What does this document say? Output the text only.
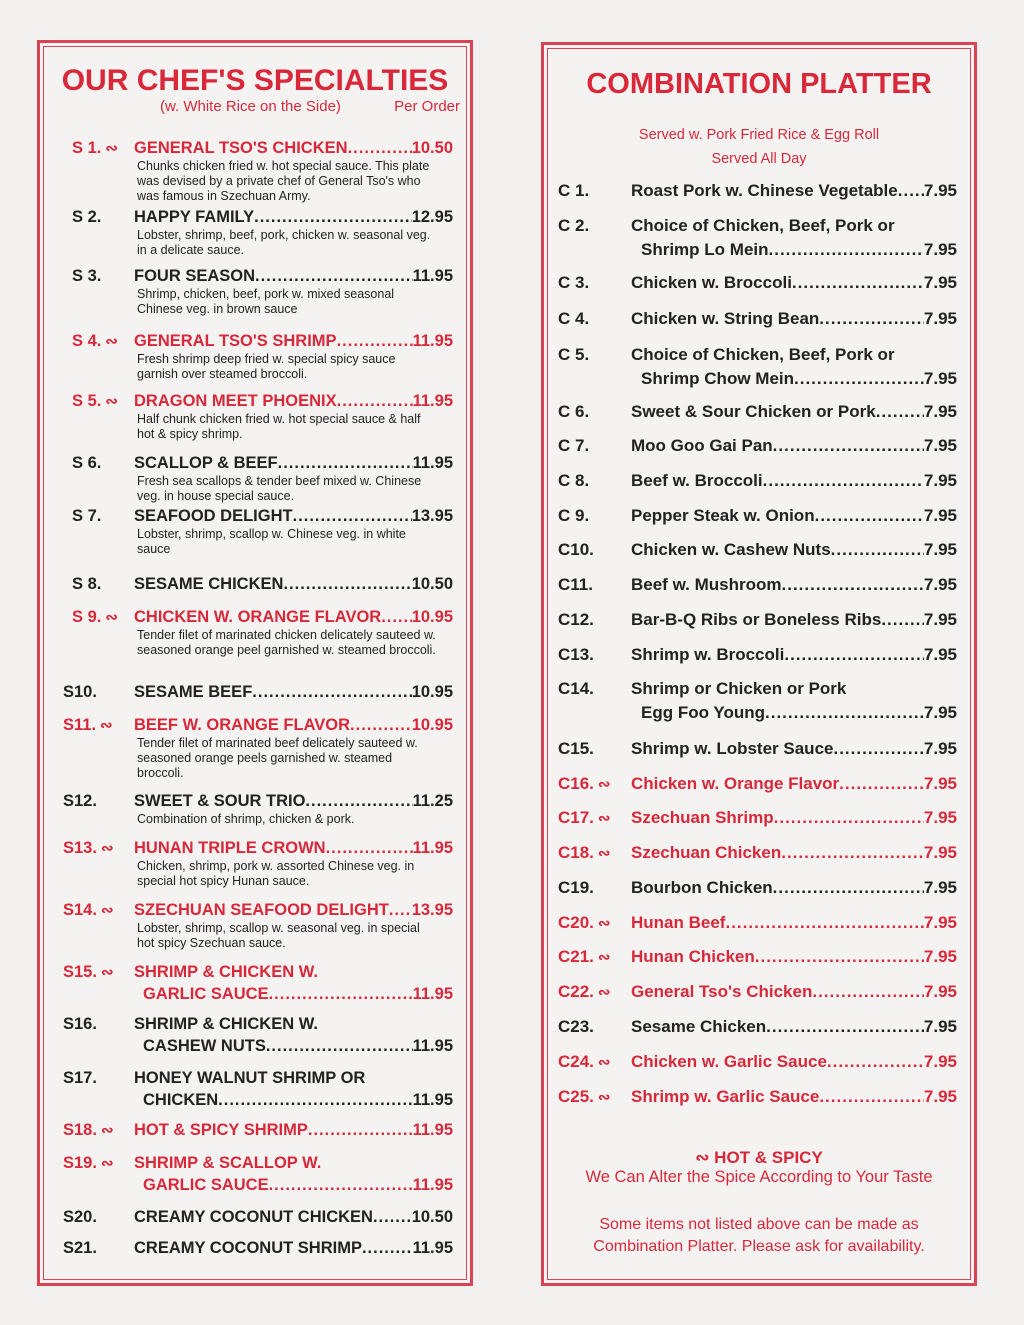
OUR CHEF'S SPECIALTIES
(w. White Rice on the Side)	Per Order
S 1. ∾ GENERAL TSO'S CHICKEN .....	10.50
Chunks chicken fried w. hot special sauce. This plate was devised by a private chef of General Tso's who was famous in Szechuan Army.
S 2. HAPPY FAMILY .....	12.95
Lobster, shrimp, beef, pork, chicken w. seasonal veg. in a delicate sauce.
S 3. FOUR SEASON .....	11.95
Shrimp, chicken, beef, pork w. mixed seasonal Chinese veg. in brown sauce
S 4. ∾ GENERAL TSO'S SHRIMP .....	11.95
Fresh shrimp deep fried w. special spicy sauce garnish over steamed broccoli.
S 5. ∾ DRAGON MEET PHOENIX .....	11.95
Half chunk chicken fried w. hot special sauce & half hot & spicy shrimp.
S 6. SCALLOP & BEEF .....	11.95
Fresh sea scallops & tender beef mixed w. Chinese veg. in house special sauce.
S 7. SEAFOOD DELIGHT .....	13.95
Lobster, shrimp, scallop w. Chinese veg. in white sauce
S 8. SESAME CHICKEN .....	10.50
S 9. ∾ CHICKEN W. ORANGE FLAVOR ..... 10.95
Tender filet of marinated chicken delicately sauteed w. seasoned orange peel garnished w. steamed broccoli.
S10. SESAME BEEF .....	10.95
S11. ∾ BEEF W. ORANGE FLAVOR .....	10.95
Tender filet of marinated beef delicately sauteed w. seasoned orange peels garnished w. steamed broccoli.
S12. SWEET & SOUR TRIO .....	11.25
Combination of shrimp, chicken & pork.
S13. ∾ HUNAN TRIPLE CROWN .....	11.95
Chicken, shrimp, pork w. assorted Chinese veg. in special hot spicy Hunan sauce.
S14. ∾ SZECHUAN SEAFOOD DELIGHT ..... 13.95
Lobster, shrimp, scallop w. seasonal veg. in special hot spicy Szechuan sauce.
S15. ∾ SHRIMP & CHICKEN W.
GARLIC SAUCE .....	11.95
S16. SHRIMP & CHICKEN W.
CASHEW NUTS .....	11.95
S17. HONEY WALNUT SHRIMP OR
CHICKEN .....	11.95
S18. ∾ HOT & SPICY SHRIMP .....	11.95
S19. ∾ SHRIMP & SCALLOP W.
GARLIC SAUCE .....	11.95
S20. CREAMY COCONUT CHICKEN ..... 10.50
S21. CREAMY COCONUT SHRIMP .....	11.95
COMBINATION PLATTER
Served w. Pork Fried Rice & Egg Roll
Served All Day
C 1. Roast Pork w. Chinese Vegetable ..... 7.95
C 2. Choice of Chicken, Beef, Pork or
Shrimp Lo Mein .....	7.95
C 3. Chicken w. Broccoli .....	7.95
C 4. Chicken w. String Bean .....	7.95
C 5. Choice of Chicken, Beef, Pork or
Shrimp Chow Mein .....	7.95
C 6. Sweet & Sour Chicken or Pork .....	7.95
C 7. Moo Goo Gai Pan .....	7.95
C 8. Beef w. Broccoli .....	7.95
C 9. Pepper Steak w. Onion .....	7.95
C10. Chicken w. Cashew Nuts .....	7.95
C11. Beef w. Mushroom .....	7.95
C12. Bar-B-Q Ribs or Boneless Ribs .....	7.95
C13. Shrimp w. Broccoli .....	7.95
C14. Shrimp or Chicken or Pork
Egg Foo Young .....	7.95
C15. Shrimp w. Lobster Sauce .....	7.95
C16. ∾ Chicken w. Orange Flavor .....	7.95
C17. ∾ Szechuan Shrimp .....	7.95
C18. ∾ Szechuan Chicken .....	7.95
C19. Bourbon Chicken .....	7.95
C20. ∾ Hunan Beef .....	7.95
C21. ∾ Hunan Chicken .....	7.95
C22. ∾ General Tso's Chicken .....	7.95
C23. Sesame Chicken .....	7.95
C24. ∾ Chicken w. Garlic Sauce .....	7.95
C25. ∾ Shrimp w. Garlic Sauce .....	7.95
∾ HOT & SPICY
We Can Alter the Spice According to Your Taste
Some items not listed above can be made as
Combination Platter. Please ask for availability.
